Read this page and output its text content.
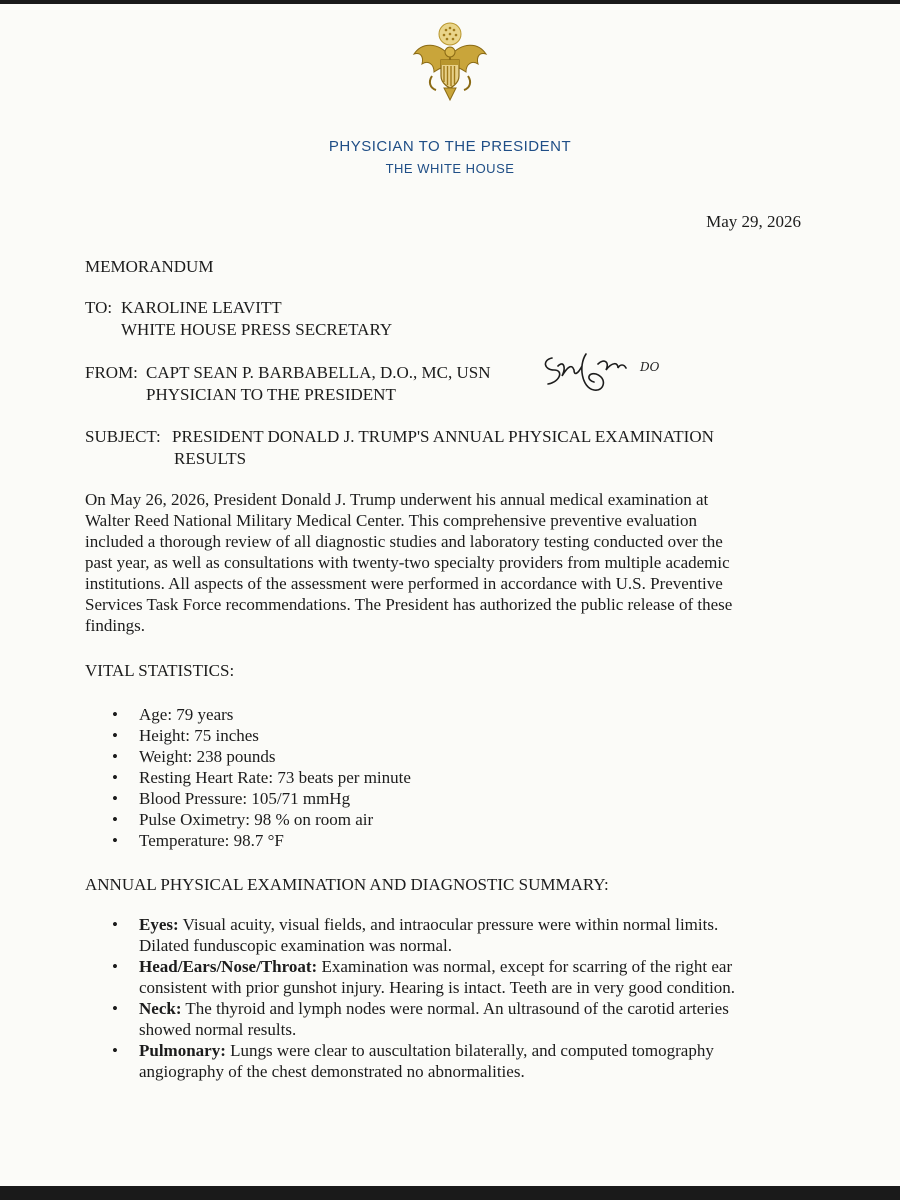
PHYSICIAN TO THE PRESIDENT
THE WHITE HOUSE
May 29, 2026
MEMORANDUM
TO: KAROLINE LEAVITT
WHITE HOUSE PRESS SECRETARY
FROM: CAPT SEAN P. BARBABELLA, D.O., MC, USN
PHYSICIAN TO THE PRESIDENT
DO
SUBJECT: PRESIDENT DONALD J. TRUMP'S ANNUAL PHYSICAL EXAMINATION
RESULTS
On May 26, 2026, President Donald J. Trump underwent his annual medical examination at
Walter Reed National Military Medical Center. This comprehensive preventive evaluation
included a thorough review of all diagnostic studies and laboratory testing conducted over the
past year, as well as consultations with twenty-two specialty providers from multiple academic
institutions. All aspects of the assessment were performed in accordance with U.S. Preventive
Services Task Force recommendations. The President has authorized the public release of these
findings.
VITAL STATISTICS:
• Age: 79 years
• Height: 75 inches
• Weight: 238 pounds
• Resting Heart Rate: 73 beats per minute
• Blood Pressure: 105/71 mmHg
• Pulse Oximetry: 98 % on room air
• Temperature: 98.7 °F
ANNUAL PHYSICAL EXAMINATION AND DIAGNOSTIC SUMMARY:
• Eyes: Visual acuity, visual fields, and intraocular pressure were within normal limits.
Dilated funduscopic examination was normal.
• Head/Ears/Nose/Throat: Examination was normal, except for scarring of the right ear
consistent with prior gunshot injury. Hearing is intact. Teeth are in very good condition.
• Neck: The thyroid and lymph nodes were normal. An ultrasound of the carotid arteries
showed normal results.
• Pulmonary: Lungs were clear to auscultation bilaterally, and computed tomography
angiography of the chest demonstrated no abnormalities.
